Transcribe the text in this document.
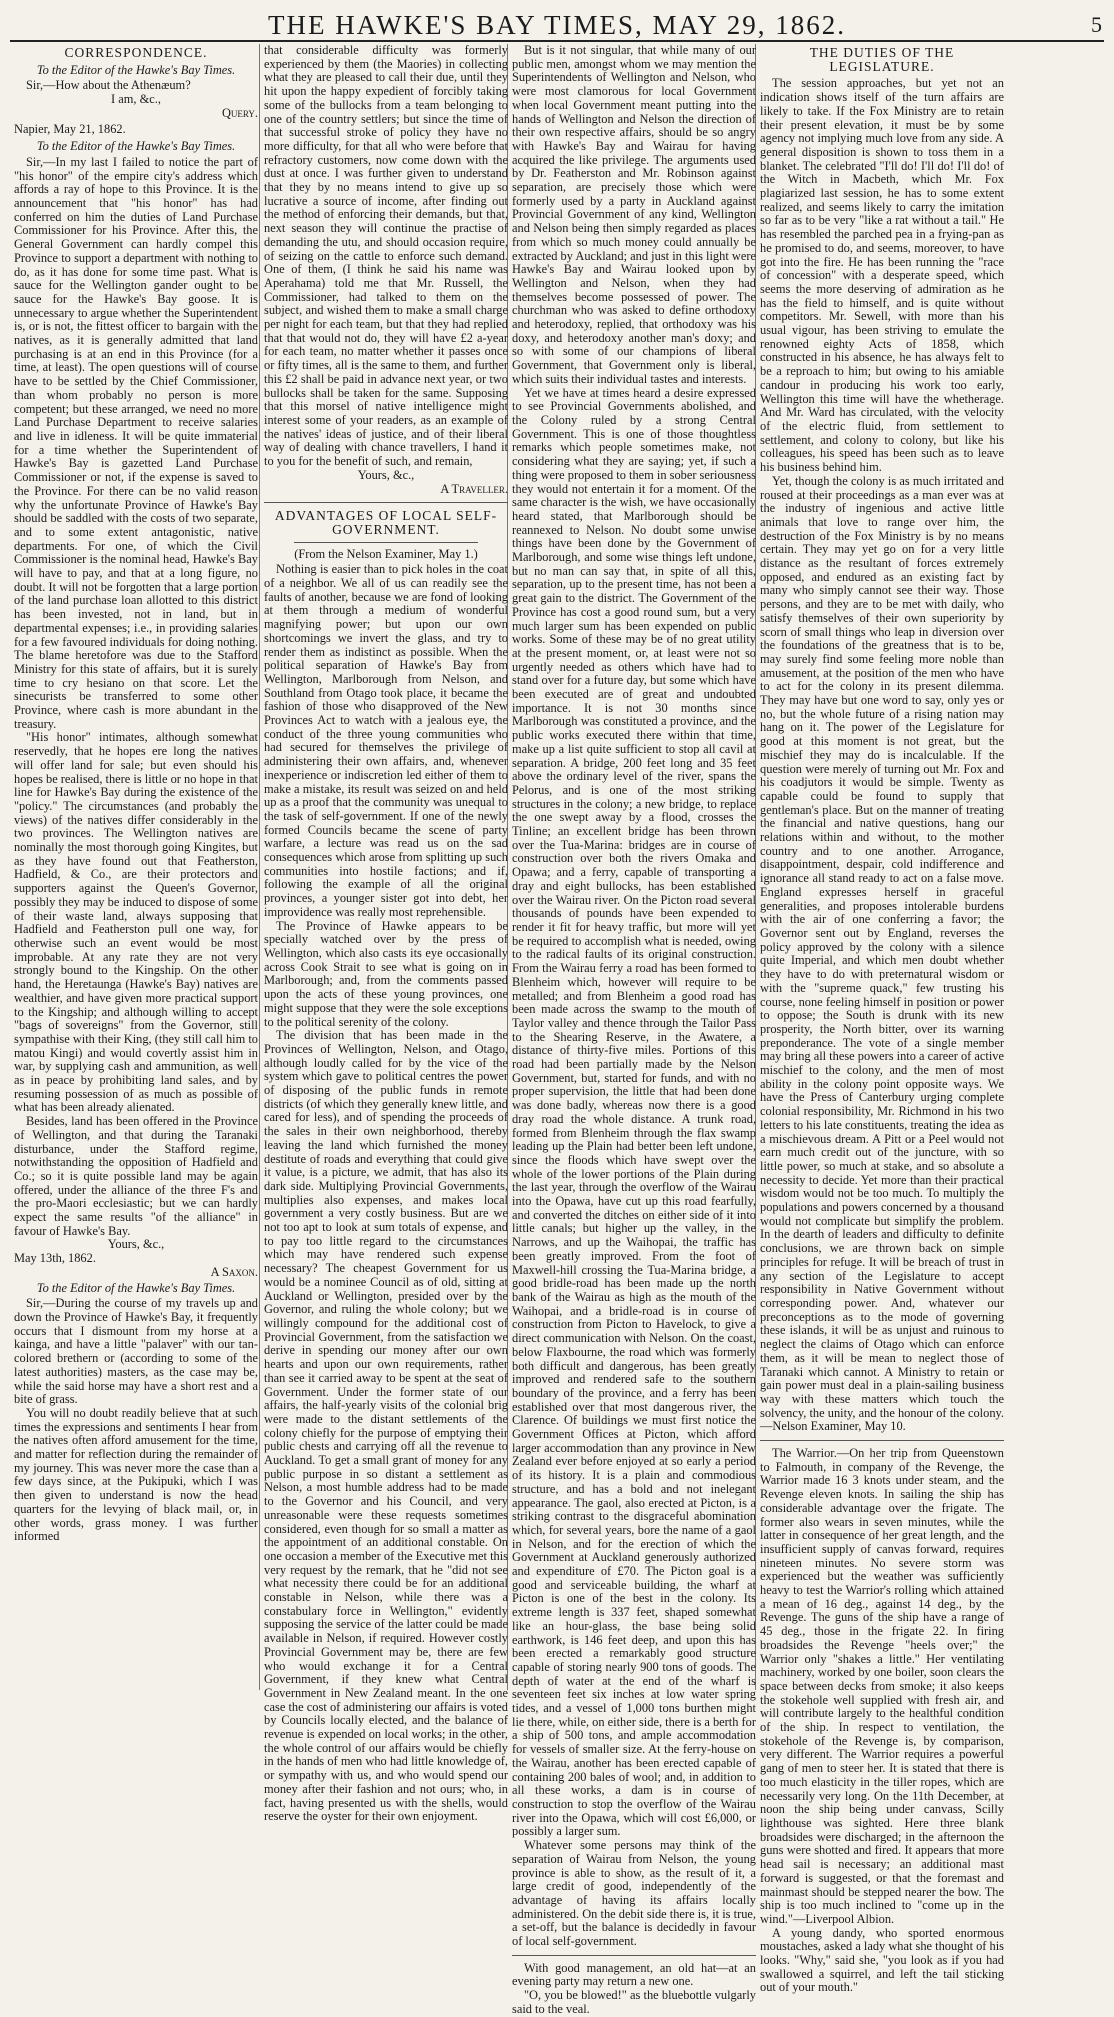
THE HAWKE'S BAY TIMES, MAY 29, 1862.	5
CORRESPONDENCE.

To the Editor of the Hawke's Bay Times.

Sir,—How about the Athenæum?

I am, &c.,

Query.

Napier, May 21, 1862.

To the Editor of the Hawke's Bay Times.

Sir,—In my last I failed to notice the part of "his honor" of the empire city's address which affords a ray of hope to this Province. It is the announcement that "his honor" has had conferred on him the duties of Land Purchase Commissioner for his Province. After this, the General Government can hardly compel this Province to support a department with nothing to do, as it has done for some time past. What is sauce for the Wellington gander ought to be sauce for the Hawke's Bay goose. It is unnecessary to argue whether the Superintendent is, or is not, the fittest officer to bargain with the natives, as it is generally admitted that land purchasing is at an end in this Province (for a time, at least). The open questions will of course have to be settled by the Chief Commissioner, than whom probably no person is more competent; but these arranged, we need no more Land Purchase Department to receive salaries and live in idleness. It will be quite immaterial for a time whether the Superintendent of Hawke's Bay is gazetted Land Purchase Commissioner or not, if the expense is saved to the Province. For there can be no valid reason why the unfortunate Province of Hawke's Bay should be saddled with the costs of two separate, and to some extent antagonistic, native departments. For one, of which the Civil Commissioner is the nominal head, Hawke's Bay will have to pay, and that at a long figure, no doubt. It will not be forgotten that a large portion of the land purchase loan allotted to this district has been invested, not in land, but in departmental expenses; i.e., in providing salaries for a few favoured individuals for doing nothing. The blame heretofore was due to the Stafford Ministry for this state of affairs, but it is surely time to cry hesiano on that score. Let the sinecurists be transferred to some other Province, where cash is more abundant in the treasury.

"His honor" intimates, although somewhat reservedly, that he hopes ere long the natives will offer land for sale; but even should his hopes be realised, there is little or no hope in that line for Hawke's Bay during the existence of the "policy." The circumstances (and probably the views) of the natives differ considerably in the two provinces. The Wellington natives are nominally the most thorough going Kingites, but as they have found out that Featherston, Hadfield, & Co., are their protectors and supporters against the Queen's Governor, possibly they may be induced to dispose of some of their waste land, always supposing that Hadfield and Featherston pull one way, for otherwise such an event would be most improbable. At any rate they are not very strongly bound to the Kingship. On the other hand, the Heretaunga (Hawke's Bay) natives are wealthier, and have given more practical support to the Kingship; and although willing to accept "bags of sovereigns" from the Governor, still sympathise with their King, (they still call him to matou Kingi) and would covertly assist him in war, by supplying cash and ammunition, as well as in peace by prohibiting land sales, and by resuming possession of as much as possible of what has been already alienated.

Besides, land has been offered in the Province of Wellington, and that during the Taranaki disturbance, under the Stafford regime, notwithstanding the opposition of Hadfield and Co.; so it is quite possible land may be again offered, under the alliance of the three F's and the pro-Maori ecclesiastic; but we can hardly expect the same results "of the alliance" in favour of Hawke's Bay.

Yours, &c.,

May 13th, 1862.

A Saxon.

To the Editor of the Hawke's Bay Times.

Sir,—During the course of my travels up and down the Province of Hawke's Bay, it frequently occurs that I dismount from my horse at a kainga, and have a little "palaver" with our tan-colored brethern or (according to some of the latest authorities) masters, as the case may be, while the said horse may have a short rest and a bite of grass.

You will no doubt readily believe that at such times the expressions and sentiments I hear from the natives often afford amusement for the time, and matter for reflection during the remainder of my journey. This was never more the case than a few days since, at the Pukipuki, which I was then given to understand is now the head quarters for the levying of black mail, or, in other words, grass money. I was further informed

that considerable difficulty was formerly experienced by them (the Maories) in collecting what they are pleased to call their due, until they hit upon the happy expedient of forcibly taking some of the bullocks from a team belonging to one of the country settlers; but since the time of that successful stroke of policy they have no more difficulty, for that all who were before that refractory customers, now come down with the dust at once. I was further given to understand that they by no means intend to give up so lucrative a source of income, after finding out the method of enforcing their demands, but that, next season they will continue the practise of demanding the utu, and should occasion require, of seizing on the cattle to enforce such demand. One of them, (I think he said his name was Aperahama) told me that Mr. Russell, the Commissioner, had talked to them on the subject, and wished them to make a small charge per night for each team, but that they had replied that that would not do, they will have £2 a-year for each team, no matter whether it passes once or fifty times, all is the same to them, and further this £2 shall be paid in advance next year, or two bullocks shall be taken for the same. Supposing that this morsel of native intelligence might interest some of your readers, as an example of the natives' ideas of justice, and of their liberal way of dealing with chance travellers, I hand it to you for the benefit of such, and remain,

Yours, &c.,

A Traveller.

ADVANTAGES OF LOCAL SELF-GOVERNMENT.

(From the Nelson Examiner, May 1.)

Nothing is easier than to pick holes in the coat of a neighbor. We all of us can readily see the faults of another, because we are fond of looking at them through a medium of wonderful magnifying power; but upon our own shortcomings we invert the glass, and try to render them as indistinct as possible. When the political separation of Hawke's Bay from Wellington, Marlborough from Nelson, and Southland from Otago took place, it became the fashion of those who disapproved of the New Provinces Act to watch with a jealous eye, the conduct of the three young communities who had secured for themselves the privilege of administering their own affairs, and, whenever inexperience or indiscretion led either of them to make a mistake, its result was seized on and held up as a proof that the community was unequal to the task of self-government. If one of the newly formed Councils became the scene of party warfare, a lecture was read us on the sad consequences which arose from splitting up such communities into hostile factions; and if, following the example of all the original provinces, a younger sister got into debt, her improvidence was really most reprehensible.

The Province of Hawke appears to be specially watched over by the press of Wellington, which also casts its eye occasionally across Cook Strait to see what is going on in Marlborough; and, from the comments passed upon the acts of these young provinces, one might suppose that they were the sole exceptions to the political serenity of the colony.

The division that has been made in the Provinces of Wellington, Nelson, and Otago, although loudly called for by the vice of the system which gave to political centres the power of disposing of the public funds in remote districts (of which they generally knew little, and cared for less), and of spending the proceeds of the sales in their own neighborhood, thereby leaving the land which furnished the money destitute of roads and everything that could give it value, is a picture, we admit, that has also its dark side. Multiplying Provincial Governments, multiplies also expenses, and makes local government a very costly business. But are we not too apt to look at sum totals of expense, and to pay too little regard to the circumstances which may have rendered such expense necessary? The cheapest Government for us would be a nominee Council as of old, sitting at Auckland or Wellington, presided over by the Governor, and ruling the whole colony; but we willingly compound for the additional cost of Provincial Government, from the satisfaction we derive in spending our money after our own hearts and upon our own requirements, rather than see it carried away to be spent at the seat of Government. Under the former state of our affairs, the half-yearly visits of the colonial brig were made to the distant settlements of the colony chiefly for the purpose of emptying their public chests and carrying off all the revenue to Auckland. To get a small grant of money for any public purpose in so distant a settlement as Nelson, a most humble address had to be made to the Governor and his Council, and very unreasonable were these requests sometimes considered, even though for so small a matter as the appointment of an additional constable. On one occasion a member of the Executive met this very request by the remark, that he "did not see what necessity there could be for an additional constable in Nelson, while there was a constabulary force in Wellington," evidently supposing the service of the latter could be made available in Nelson, if required. However costly Provincial Government may be, there are few who would exchange it for a Central Government, if they knew what Central Government in New Zealand meant. In the one case the cost of administering our affairs is voted by Councils locally elected, and the balance of revenue is expended on local works; in the other, the whole control of our affairs would be chiefly in the hands of men who had little knowledge of, or sympathy with us, and who would spend our money after their fashion and not ours; who, in fact, having presented us with the shells, would reserve the oyster for their own enjoyment.

But is it not singular, that while many of our public men, amongst whom we may mention the Superintendents of Wellington and Nelson, who were most clamorous for local Government when local Government meant putting into the hands of Wellington and Nelson the direction of their own respective affairs, should be so angry with Hawke's Bay and Wairau for having acquired the like privilege. The arguments used by Dr. Featherston and Mr. Robinson against separation, are precisely those which were formerly used by a party in Auckland against Provincial Government of any kind, Wellington and Nelson being then simply regarded as places from which so much money could annually be extracted by Auckland; and just in this light were Hawke's Bay and Wairau looked upon by Wellington and Nelson, when they had themselves become possessed of power. The churchman who was asked to define orthodoxy and heterodoxy, replied, that orthodoxy was his doxy, and heterodoxy another man's doxy; and so with some of our champions of liberal Government, that Government only is liberal, which suits their individual tastes and interests.

Yet we have at times heard a desire expressed to see Provincial Governments abolished, and the Colony ruled by a strong Central Government. This is one of those thoughtless remarks which people sometimes make, not considering what they are saying; yet, if such a thing were proposed to them in sober seriousness they would not entertain it for a moment. Of the same character is the wish, we have occasionally heard stated, that Marlborough should be reannexed to Nelson. No doubt some unwise things have been done by the Government of Marlborough, and some wise things left undone, but no man can say that, in spite of all this, separation, up to the present time, has not been a great gain to the district. The Government of the Province has cost a good round sum, but a very much larger sum has been expended on public works. Some of these may be of no great utility at the present moment, or, at least were not so urgently needed as others which have had to stand over for a future day, but some which have been executed are of great and undoubted importance. It is not 30 months since Marlborough was constituted a province, and the public works executed there within that time, make up a list quite sufficient to stop all cavil at separation. A bridge, 200 feet long and 35 feet above the ordinary level of the river, spans the Pelorus, and is one of the most striking structures in the colony; a new bridge, to replace the one swept away by a flood, crosses the Tinline; an excellent bridge has been thrown over the Tua-Marina: bridges are in course of construction over both the rivers Omaka and Opawa; and a ferry, capable of transporting a dray and eight bullocks, has been established over the Wairau river. On the Picton road several thousands of pounds have been expended to render it fit for heavy traffic, but more will yet be required to accomplish what is needed, owing to the radical faults of its original construction. From the Wairau ferry a road has been formed to Blenheim which, however will require to be metalled; and from Blenheim a good road has been made across the swamp to the mouth of Taylor valley and thence through the Tailor Pass to the Shearing Reserve, in the Awatere, a distance of thirty-five miles. Portions of this road had been partially made by the Nelson Government, but, started for funds, and with no proper supervision, the little that had been done was done badly, whereas now there is a good dray road the whole distance. A trunk road, formed from Blenheim through the flax swamp leading up the Plain had better been left undone, since the floods which have swept over the whole of the lower portions of the Plain during the last year, through the overflow of the Wairau into the Opawa, have cut up this road fearfully, and converted the ditches on either side of it into little canals; but higher up the valley, in the Narrows, and up the Waihopai, the traffic has been greatly improved. From the foot of Maxwell-hill crossing the Tua-Marina bridge, a good bridle-road has been made up the north bank of the Wairau as high as the mouth of the Waihopai, and a bridle-road is in course of construction from Picton to Havelock, to give a direct communication with Nelson. On the coast, below Flaxbourne, the road which was formerly both difficult and dangerous, has been greatly improved and rendered safe to the southern boundary of the province, and a ferry has been established over that most dangerous river, the Clarence. Of buildings we must first notice the Government Offices at Picton, which afford larger accommodation than any province in New Zealand ever before enjoyed at so early a period of its history. It is a plain and commodious structure, and has a bold and not inelegant appearance. The gaol, also erected at Picton, is a striking contrast to the disgraceful abomination which, for several years, bore the name of a gaol in Nelson, and for the erection of which the Government at Auckland generously authorized and expenditure of £70. The Picton goal is a good and serviceable building, the wharf at Picton is one of the best in the colony. Its extreme length is 337 feet, shaped somewhat like an hour-glass, the base being solid earthwork, is 146 feet deep, and upon this has been erected a remarkably good structure capable of storing nearly 900 tons of goods. The depth of water at the end of the wharf is seventeen feet six inches at low water spring tides, and a vessel of 1,000 tons burthen might lie there, while, on either side, there is a berth for a ship of 500 tons, and ample accommodation for vessels of smaller size. At the ferry-house on the Wairau, another has been erected capable of containing 200 bales of wool; and, in addition to all these works, a dam is in course of construction to stop the overflow of the Wairau river into the Opawa, which will cost £6,000, or possibly a larger sum.

Whatever some persons may think of the separation of Wairau from Nelson, the young province is able to show, as the result of it, a large credit of good, independently of the advantage of having its affairs locally administered. On the debit side there is, it is true, a set-off, but the balance is decidedly in favour of local self-government.

With good management, an old hat—at an evening party may return a new one.

"O, you be blowed!" as the bluebottle vulgarly said to the veal.

THE DUTIES OF THE LEGISLATURE.

The session approaches, but yet not an indication shows itself of the turn affairs are likely to take. If the Fox Ministry are to retain their present elevation, it must be by some agency not implying much love from any side. A general disposition is shown to toss them in a blanket. The celebrated "I'll do! I'll do! I'll do! of the Witch in Macbeth, which Mr. Fox plagiarized last session, he has to some extent realized, and seems likely to carry the imitation so far as to be very "like a rat without a tail." He has resembled the parched pea in a frying-pan as he promised to do, and seems, moreover, to have got into the fire. He has been running the "race of concession" with a desperate speed, which seems the more deserving of admiration as he has the field to himself, and is quite without competitors. Mr. Sewell, with more than his usual vigour, has been striving to emulate the renowned eighty Acts of 1858, which constructed in his absence, he has always felt to be a reproach to him; but owing to his amiable candour in producing his work too early, Wellington this time will have the whetherage. And Mr. Ward has circulated, with the velocity of the electric fluid, from settlement to settlement, and colony to colony, but like his colleagues, his speed has been such as to leave his business behind him.

Yet, though the colony is as much irritated and roused at their proceedings as a man ever was at the industry of ingenious and active little animals that love to range over him, the destruction of the Fox Ministry is by no means certain. They may yet go on for a very little distance as the resultant of forces extremely opposed, and endured as an existing fact by many who simply cannot see their way. Those persons, and they are to be met with daily, who satisfy themselves of their own superiority by scorn of small things who leap in diversion over the foundations of the greatness that is to be, may surely find some feeling more noble than amusement, at the position of the men who have to act for the colony in its present dilemma. They may have but one word to say, only yes or no, but the whole future of a rising nation may hang on it. The power of the Legislature for good at this moment is not great, but the mischief they may do is incalculable. If the question were merely of turning out Mr. Fox and his coadjutors it would be simple. Twenty as capable could be found to supply that gentleman's place. But on the manner of treating the financial and native questions, hang our relations within and without, to the mother country and to one another. Arrogance, disappointment, despair, cold indifference and ignorance all stand ready to act on a false move. England expresses herself in graceful generalities, and proposes intolerable burdens with the air of one conferring a favor; the Governor sent out by England, reverses the policy approved by the colony with a silence quite Imperial, and which men doubt whether they have to do with preternatural wisdom or with the "supreme quack," few trusting his course, none feeling himself in position or power to oppose; the South is drunk with its new prosperity, the North bitter, over its warning preponderance. The vote of a single member may bring all these powers into a career of active mischief to the colony, and the men of most ability in the colony point opposite ways. We have the Press of Canterbury urging complete colonial responsibility, Mr. Richmond in his two letters to his late constituents, treating the idea as a mischievous dream. A Pitt or a Peel would not earn much credit out of the juncture, with so little power, so much at stake, and so absolute a necessity to decide. Yet more than their practical wisdom would not be too much. To multiply the populations and powers concerned by a thousand would not complicate but simplify the problem. In the dearth of leaders and difficulty to definite conclusions, we are thrown back on simple principles for refuge. It will be breach of trust in any section of the Legislature to accept responsibility in Native Government without corresponding power. And, whatever our preconceptions as to the mode of governing these islands, it will be as unjust and ruinous to neglect the claims of Otago which can enforce them, as it will be mean to neglect those of Taranaki which cannot. A Ministry to retain or gain power must deal in a plain-sailing business way with these matters which touch the solvency, the unity, and the honour of the colony.—Nelson Examiner, May 10.

The Warrior.—On her trip from Queenstown to Falmouth, in company of the Revenge, the Warrior made 16 3 knots under steam, and the Revenge eleven knots. In sailing the ship has considerable advantage over the frigate. The former also wears in seven minutes, while the latter in consequence of her great length, and the insufficient supply of canvas forward, requires nineteen minutes. No severe storm was experienced but the weather was sufficiently heavy to test the Warrior's rolling which attained a mean of 16 deg., against 14 deg., by the Revenge. The guns of the ship have a range of 45 deg., those in the frigate 22. In firing broadsides the Revenge "heels over;" the Warrior only "shakes a little." Her ventilating machinery, worked by one boiler, soon clears the space between decks from smoke; it also keeps the stokehole well supplied with fresh air, and will contribute largely to the healthful condition of the ship. In respect to ventilation, the stokehole of the Revenge is, by comparison, very different. The Warrior requires a powerful gang of men to steer her. It is stated that there is too much elasticity in the tiller ropes, which are necessarily very long. On the 11th December, at noon the ship being under canvass, Scilly lighthouse was sighted. Here three blank broadsides were discharged; in the afternoon the guns were shotted and fired. It appears that more head sail is necessary; an additional mast forward is suggested, or that the foremast and mainmast should be stepped nearer the bow. The ship is too much inclined to "come up in the wind."—Liverpool Albion.

A young dandy, who sported enormous moustaches, asked a lady what she thought of his looks. "Why," said she, "you look as if you had swallowed a squirrel, and left the tail sticking out of your mouth."
